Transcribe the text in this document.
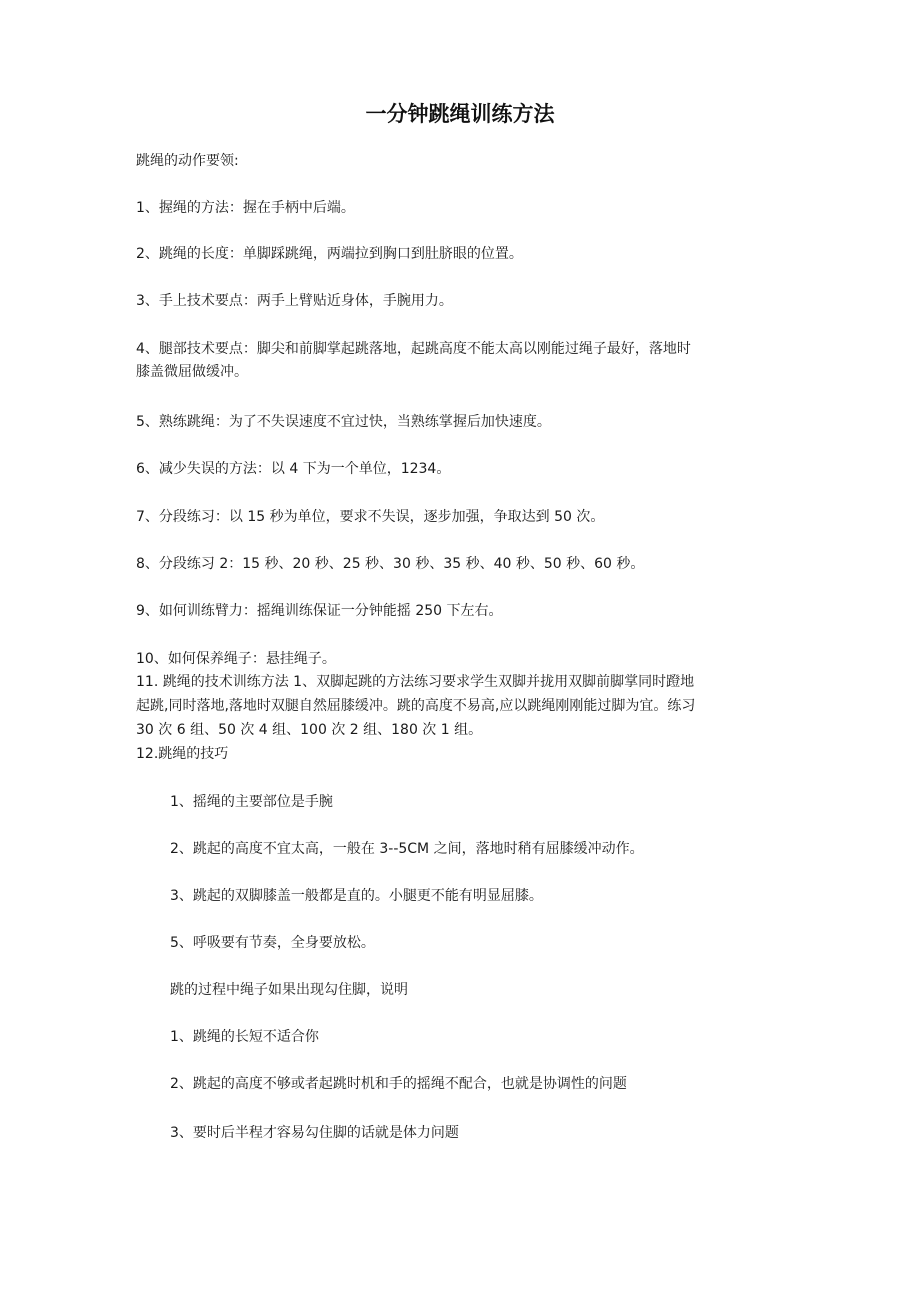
一分钟跳绳训练方法
跳绳的动作要领:
1、握绳的方法：握在手柄中后端。
2、跳绳的长度：单脚踩跳绳，两端拉到胸口到肚脐眼的位置。
3、手上技术要点：两手上臂贴近身体，手腕用力。
4、腿部技术要点：脚尖和前脚掌起跳落地，起跳高度不能太高以刚能过绳子最好，落地时
膝盖微屈做缓冲。
5、熟练跳绳：为了不失误速度不宜过快，当熟练掌握后加快速度。
6、减少失误的方法：以 4 下为一个单位，1234。
7、分段练习：以 15 秒为单位，要求不失误，逐步加强，争取达到 50 次。
8、分段练习 2：15 秒、20 秒、25 秒、30 秒、35 秒、40 秒、50 秒、60 秒。
9、如何训练臂力：摇绳训练保证一分钟能摇 250 下左右。
10、如何保养绳子：悬挂绳子。
11. 跳绳的技术训练方法 1、双脚起跳的方法练习要求学生双脚并拢用双脚前脚掌同时蹬地
起跳,同时落地,落地时双腿自然屈膝缓冲。跳的高度不易高,应以跳绳刚刚能过脚为宜。练习
30 次 6 组、50 次 4 组、100 次 2 组、180 次 1 组。
12.跳绳的技巧
1、摇绳的主要部位是手腕
2、跳起的高度不宜太高，一般在 3--5CM 之间，落地时稍有屈膝缓冲动作。
3、跳起的双脚膝盖一般都是直的。小腿更不能有明显屈膝。
5、呼吸要有节奏，全身要放松。
跳的过程中绳子如果出现勾住脚，说明
1、跳绳的长短不适合你
2、跳起的高度不够或者起跳时机和手的摇绳不配合，也就是协调性的问题
3、要时后半程才容易勾住脚的话就是体力问题
